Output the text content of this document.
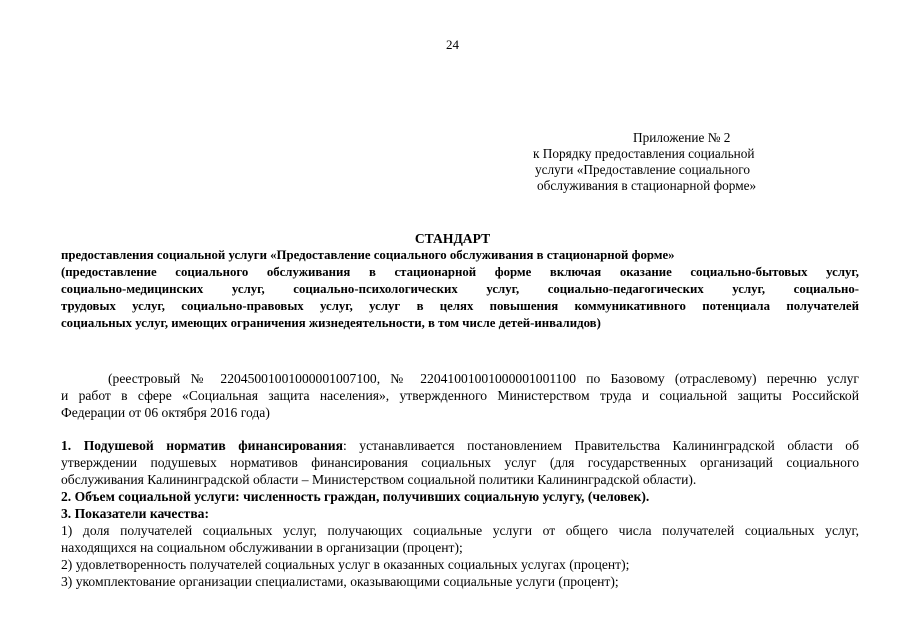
24
Приложение № 2
к Порядку предоставления социальной
услуги «Предоставление социального
обслуживания в стационарной форме»
СТАНДАРТ

предоставления социальной услуги «Предоставление социального обслуживания в стационарной форме»

(предоставление социального обслуживания в стационарной форме включая оказание социально-бытовых услуг,

социально-медицинских услуг, социально-психологических услуг, социально-педагогических услуг, социально-

трудовых услуг, социально-правовых услуг, услуг в целях повышения коммуникативного потенциала получателей

социальных услуг, имеющих ограничения жизнедеятельности, в том числе детей-инвалидов)

(реестровый № 22045001001000001007100, № 22041001001000001001100 по Базовому (отраслевому) перечню услуг

и работ в сфере «Социальная защита населения», утвержденного Министерством труда и социальной защиты Российской

Федерации от 06 октября 2016 года)

1. Подушевой норматив финансирования: устанавливается постановлением Правительства Калининградской области об

утверждении подушевых нормативов финансирования социальных услуг (для государственных организаций социального

обслуживания Калининградской области – Министерством социальной политики Калининградской области).

2. Объем социальной услуги: численность граждан, получивших социальную услугу, (человек).

3. Показатели качества:

1) доля получателей социальных услуг, получающих социальные услуги от общего числа получателей социальных услуг,

находящихся на социальном обслуживании в организации (процент);

2) удовлетворенность получателей социальных услуг в оказанных социальных услугах (процент);

3) укомплектование организации специалистами, оказывающими социальные услуги (процент);
